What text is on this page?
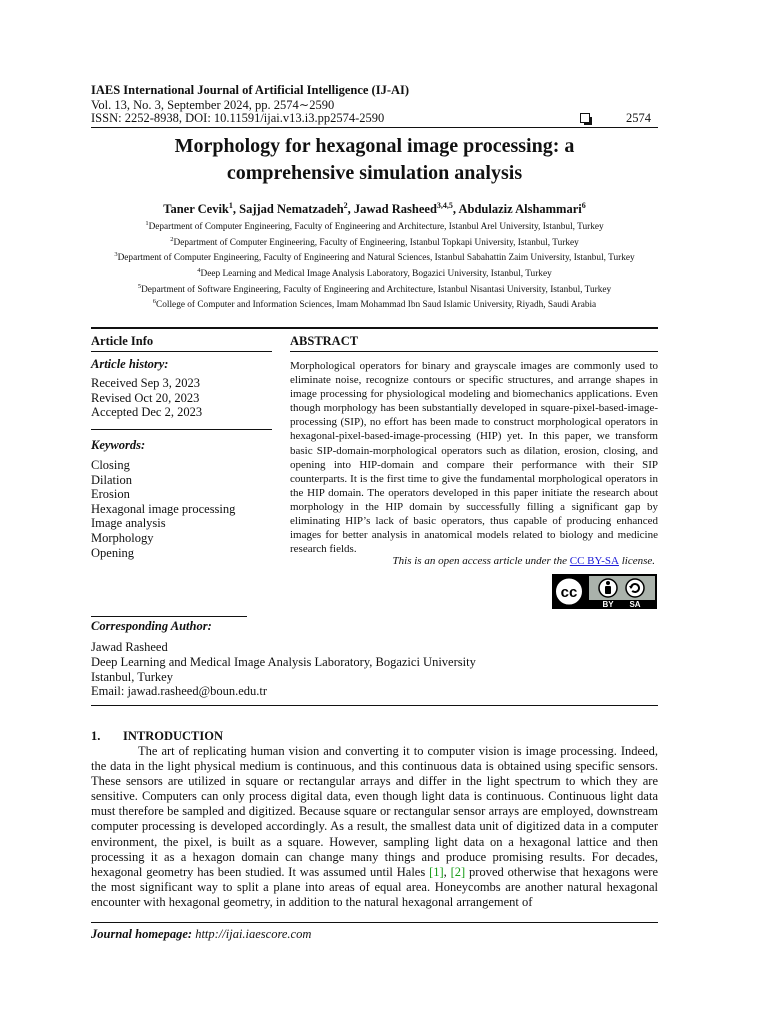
IAES International Journal of Artificial Intelligence (IJ-AI)
Vol. 13, No. 3, September 2024, pp. 2574∼2590
ISSN: 2252-8938, DOI: 10.11591/ijai.v13.i3.pp2574-2590	2574
Morphology for hexagonal image processing: a
comprehensive simulation analysis
Taner Cevik$^1$, Sajjad Nematzadeh$^2$, Jawad Rasheed$^{3,4,5}$, Abdulaziz Alshammari$^6$
$^1$Department of Computer Engineering, Faculty of Engineering and Architecture, Istanbul Arel University, Istanbul, Turkey
$^2$Department of Computer Engineering, Faculty of Engineering, Istanbul Topkapi University, Istanbul, Turkey
$^3$Department of Computer Engineering, Faculty of Engineering and Natural Sciences, Istanbul Sabahattin Zaim University, Istanbul, Turkey
$^4$Deep Learning and Medical Image Analysis Laboratory, Bogazici University, Istanbul, Turkey
$^5$Department of Software Engineering, Faculty of Engineering and Architecture, Istanbul Nisantasi University, Istanbul, Turkey
$^6$College of Computer and Information Sciences, Imam Mohammad Ibn Saud Islamic University, Riyadh, Saudi Arabia
Article Info	ABSTRACT
Article history:
Received Sep 3, 2023
Revised Oct 20, 2023
Accepted Dec 2, 2023
Keywords:
Closing
Dilation
Erosion
Hexagonal image processing
Image analysis
Morphology
Opening
Morphological operators for binary and grayscale images are commonly used to eliminate noise, recognize contours or specific structures, and arrange shapes in image processing for physiological modeling and biomechanics applications. Even though morphology has been substantially developed in square-pixel-based-image-processing (SIP), no effort has been made to construct morphological operators in hexagonal-pixel-based-image-processing (HIP) yet. In this paper, we transform basic SIP-domain-morphological operators such as dilation, erosion, closing, and opening into HIP-domain and compare their performance with their SIP counterparts. It is the first time to give the fundamental morphological operators in the HIP domain. The operators developed in this paper initiate the research about morphology in the HIP domain by successfully filling a significant gap by eliminating HIP’s lack of basic operators, thus capable of producing enhanced images for better analysis in anatomical models related to biology and medicine research fields.
This is an open access article under the CC BY-SA license.
cc
BY SA
Corresponding Author:
Jawad Rasheed
Deep Learning and Medical Image Analysis Laboratory, Bogazici University
Istanbul, Turkey
Email: jawad.rasheed@boun.edu.tr
1. INTRODUCTION
The art of replicating human vision and converting it to computer vision is image processing. Indeed, the data in the light physical medium is continuous, and this continuous data is obtained using specific sensors. These sensors are utilized in square or rectangular arrays and differ in the light spectrum to which they are sensitive. Computers can only process digital data, even though light data is continuous. Continuous light data must therefore be sampled and digitized. Because square or rectangular sensor arrays are employed, downstream computer processing is developed accordingly. As a result, the smallest data unit of digitized data in a computer environment, the pixel, is built as a square. However, sampling light data on a hexagonal lattice and then processing it as a hexagon domain can change many things and produce promising results. For decades, hexagonal geometry has been studied. It was assumed until Hales [1], [2] proved otherwise that hexagons were the most significant way to split a plane into areas of equal area. Honeycombs are another natural hexagonal encounter with hexagonal geometry, in addition to the natural hexagonal arrangement of
Journal homepage: http://ijai.iaescore.com
